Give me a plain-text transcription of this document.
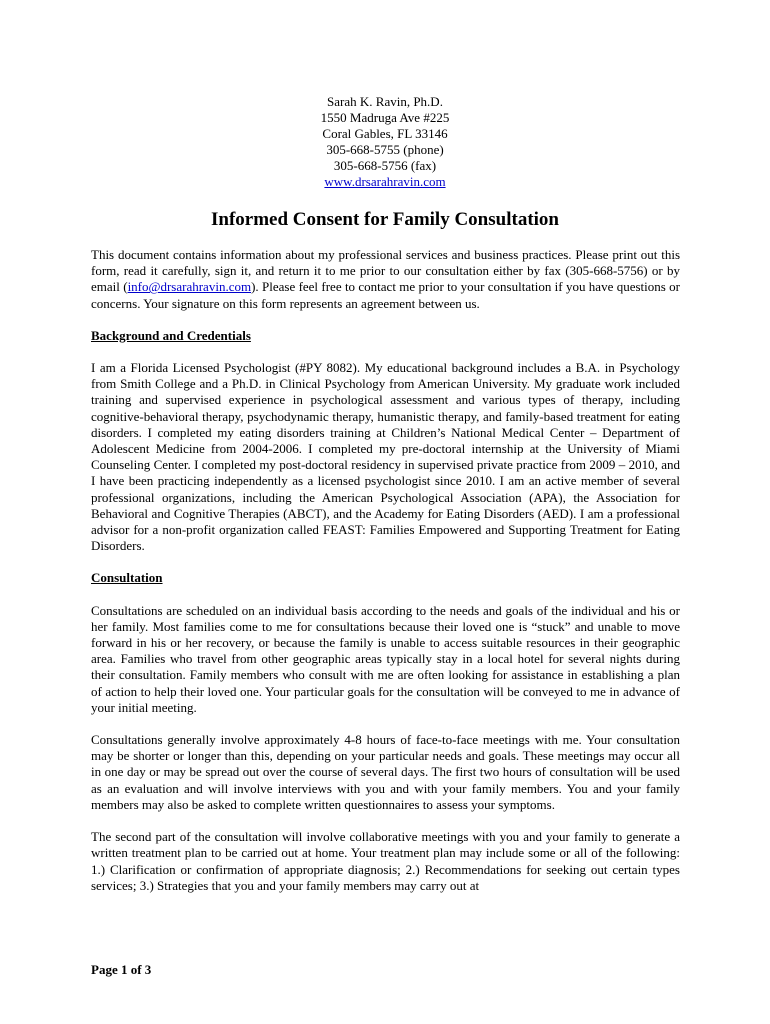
Sarah K. Ravin, Ph.D.
1550 Madruga Ave #225
Coral Gables, FL 33146
305-668-5755 (phone)
305-668-5756 (fax)
www.drsarahravin.com
Informed Consent for Family Consultation

This document contains information about my professional services and business practices. Please print out this form, read it carefully, sign it, and return it to me prior to our consultation either by fax (305-668-5756) or by email (info@drsarahravin.com). Please feel free to contact me prior to your consultation if you have questions or concerns. Your signature on this form represents an agreement between us.

Background and Credentials

I am a Florida Licensed Psychologist (#PY 8082). My educational background includes a B.A. in Psychology from Smith College and a Ph.D. in Clinical Psychology from American University. My graduate work included training and supervised experience in psychological assessment and various types of therapy, including cognitive-behavioral therapy, psychodynamic therapy, humanistic therapy, and family-based treatment for eating disorders. I completed my eating disorders training at Children’s National Medical Center – Department of Adolescent Medicine from 2004-2006. I completed my pre-doctoral internship at the University of Miami Counseling Center. I completed my post-doctoral residency in supervised private practice from 2009 – 2010, and I have been practicing independently as a licensed psychologist since 2010. I am an active member of several professional organizations, including the American Psychological Association (APA), the Association for Behavioral and Cognitive Therapies (ABCT), and the Academy for Eating Disorders (AED). I am a professional advisor for a non-profit organization called FEAST: Families Empowered and Supporting Treatment for Eating Disorders.

Consultation

Consultations are scheduled on an individual basis according to the needs and goals of the individual and his or her family. Most families come to me for consultations because their loved one is “stuck” and unable to move forward in his or her recovery, or because the family is unable to access suitable resources in their geographic area. Families who travel from other geographic areas typically stay in a local hotel for several nights during their consultation. Family members who consult with me are often looking for assistance in establishing a plan of action to help their loved one. Your particular goals for the consultation will be conveyed to me in advance of your initial meeting.

Consultations generally involve approximately 4-8 hours of face-to-face meetings with me. Your consultation may be shorter or longer than this, depending on your particular needs and goals. These meetings may occur all in one day or may be spread out over the course of several days. The first two hours of consultation will be used as an evaluation and will involve interviews with you and with your family members. You and your family members may also be asked to complete written questionnaires to assess your symptoms.

The second part of the consultation will involve collaborative meetings with you and your family to generate a written treatment plan to be carried out at home. Your treatment plan may include some or all of the following: 1.) Clarification or confirmation of appropriate diagnosis; 2.) Recommendations for seeking out certain types services; 3.) Strategies that you and your family members may carry out at

Page 1 of 3
